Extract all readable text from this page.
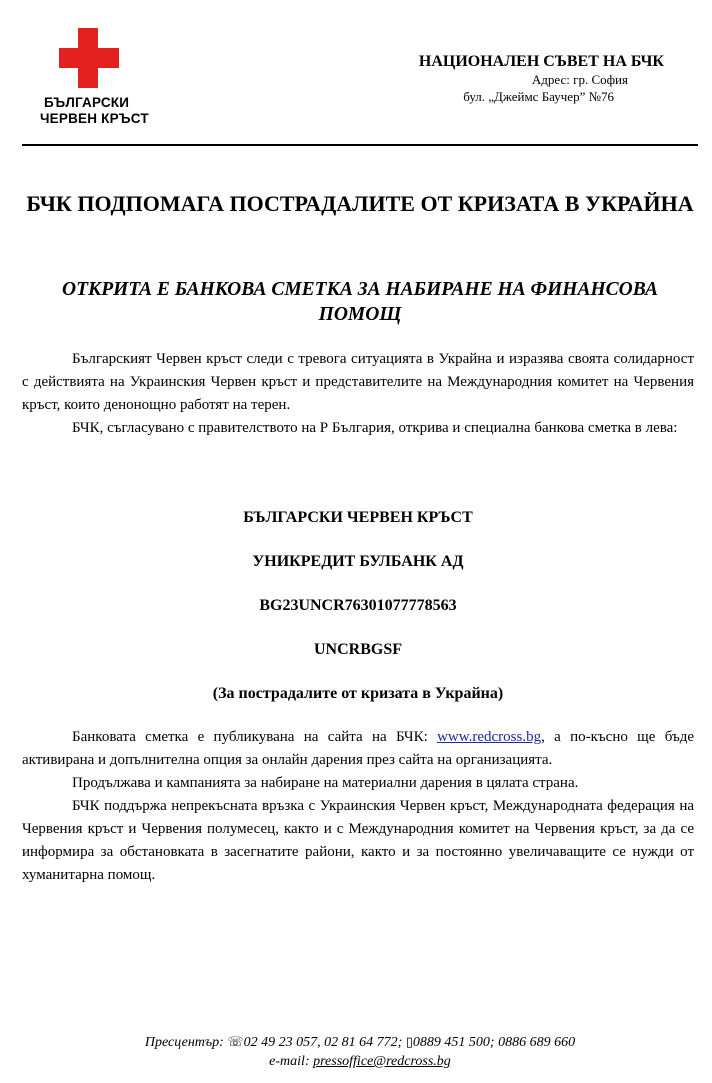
БЪЛГАРСКИ
ЧЕРВЕН КРЪСТ
НАЦИОНАЛЕН СЪВЕТ НА БЧК
Адрес: гр. София
бул. „Джеймс Баучер” №76
БЧК ПОДПОМАГА ПОСТРАДАЛИТЕ ОТ КРИЗАТА В УКРАЙНА
ОТКРИТА Е БАНКОВА СМЕТКА ЗА НАБИРАНЕ НА ФИНАНСОВА ПОМОЩ

Българският Червен кръст следи с тревога ситуацията в Украйна и изразява своята солидарност с действията на Украинския Червен кръст и представителите на Международния комитет на Червения кръст, които денонощно работят на терен.

БЧК, съгласувано с правителството на Р България, открива и специална банкова сметка в лева:

БЪЛГАРСКИ ЧЕРВЕН КРЪСТ
УНИКРЕДИТ БУЛБАНК АД
BG23UNCR76301077778563
UNCRBGSF
(За пострадалите от кризата в Украйна)

Банковата сметка е публикувана на сайта на БЧК: www.redcross.bg, а по-късно ще бъде активирана и допълнителна опция за онлайн дарения през сайта на организацията.

Продължава и кампанията за набиране на материални дарения в цялата страна.

БЧК поддържа непрекъсната връзка с Украинския Червен кръст, Международната федерация на Червения кръст и Червения полумесец, както и с Международния комитет на Червения кръст, за да се информира за обстановката в засегнатите райони, както и за постоянно увеличаващите се нужди от хуманитарна помощ.

Пресцентър: ☏02 49 23 057, 02 81 64 772; ▯0889 451 500; 0886 689 660
e-mail: pressoffice@redcross.bg
